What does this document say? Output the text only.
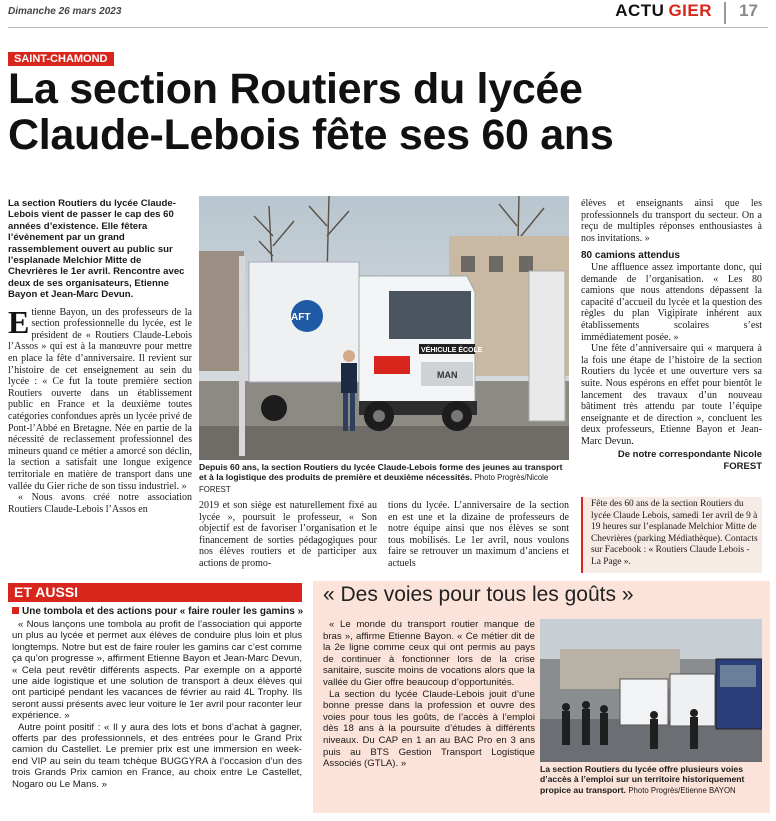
Dimanche 26 mars 2023	ACTU GIER 17
SAINT-CHAMOND
La section Routiers du lycée
Claude-Lebois fête ses 60 ans
La section Routiers du lycée Claude-Lebois vient de passer le cap des 60 années d’existence. Elle fêtera l’évènement par un grand rassemblement ouvert au public sur l’esplanade Melchior Mitte de Chevrières le 1er avril. Rencontre avec deux de ses organisateurs, Etienne Bayon et Jean-Marc Devun.

Etienne Bayon, un des professeurs de la section professionnelle du lycée, est le président de « Routiers Claude-Lebois l’Assos » qui est à la manœuvre pour mettre en place la fête d’anniversaire. Il revient sur l’histoire de cet enseignement au sein du lycée : « Ce fut la toute première section Routiers ouverte dans un établissement public en France et la deuxième toutes catégories confondues après un lycée privé de Pont-l’Abbé en Bretagne. Née en partie de la nécessité de reclassement professionnel des mineurs quand ce métier a amorcé son déclin, la section a satisfait une longue exigence territoriale en matière de transport dans une vallée du Gier riche de son tissu industriel. »

« Nous avons créé notre association Routiers Claude-Lebois l’Assos en

AFT
VÉHICULE ÉCOLE
MAN
Depuis 60 ans, la section Routiers du lycée Claude-Lebois forme des jeunes au transport et à la logistique des produits de première et deuxième nécessités. Photo Progrès/Nicole FOREST

2019 et son siège est naturellement fixé au lycée », poursuit le professeur, « Son objectif est de favoriser l’organisation et le financement de sorties pédagogiques pour nos élèves routiers et de participer aux actions de promo-

tions du lycée. L’anniversaire de la section en est une et la dizaine de professeurs de notre équipe ainsi que nos élèves se sont tous mobilisés. Le 1er avril, nous voulons faire se retrouver un maximum d’anciens et actuels

élèves et enseignants ainsi que les professionnels du transport du secteur. On a reçu de multiples réponses enthousiastes à nos invitations. »

80 camions attendus

Une affluence assez importante donc, qui demande de l’organisation. « Les 80 camions que nous attendons dépassent la capacité d’accueil du lycée et la question des règles du plan Vigipirate inhérent aux établissements scolaires s’est immédiatement posée. »

Une fête d’anniversaire qui « marquera à la fois une étape de l’histoire de la section Routiers du lycée et une ouverture vers sa suite. Nous espérons en effet pour bientôt le lancement des travaux d’un nouveau bâtiment très attendu par toute l’équipe enseignante et de direction », concluent les deux professeurs, Etienne Bayon et Jean-Marc Devun.

De notre correspondante Nicole FOREST
Fête des 60 ans de la section Routiers du lycée Claude Lebois, samedi 1er avril de 9 à 19 heures sur l’esplanade Melchior Mitte de Chevrières (parking Médiathèque). Contacts sur Facebook : « Routiers Claude Lebois - La Page ».
ET AUSSI
Une tombola et des actions pour « faire rouler les gamins »

« Nous lançons une tombola au profit de l’association qui apporte un plus au lycée et permet aux élèves de conduire plus loin et plus longtemps. Notre but est de faire rouler les gamins car c’est comme ça qu’on progresse », affirment Etienne Bayon et Jean-Marc Devun, « Cela peut revêtir différents aspects. Par exemple on a apporté une aide logistique et une solution de transport à deux élèves qui ont participé pendant les vacances de février au raid 4L Trophy. Ils seront aussi présents avec leur voiture le 1er avril pour raconter leur expérience. »

Autre point positif : « Il y aura des lots et bons d’achat à gagner, offerts par des professionnels, et des entrées pour le Grand Prix camion du Castellet. Le premier prix est une immersion en week-end VIP au sein du team tchèque BUGGYRA à l’occasion d’un des trois Grands Prix camion en France, au choix entre Le Castellet, Nogaro ou Le Mans. »

« Des voies pour tous les goûts »

« Le monde du transport routier manque de bras », affirme Etienne Bayon. « Ce métier dit de la 2e ligne comme ceux qui ont permis au pays de continuer à fonctionner lors de la crise sanitaire, suscite moins de vocations alors que la vallée du Gier offre beaucoup d’opportunités.

La section du lycée Claude-Lebois jouit d’une bonne presse dans la profession et ouvre des voies pour tous les goûts, de l’accès à l’emploi dès 18 ans à la poursuite d’études à différents niveaux. Du CAP en 1 an au BAC Pro en 3 ans puis au BTS Gestion Transport Logistique Associés (GTLA). »	La section Routiers du lycée offre plusieurs voies d’accès à l’emploi sur un territoire historiquement propice au transport. Photo Progrès/Etienne BAYON
